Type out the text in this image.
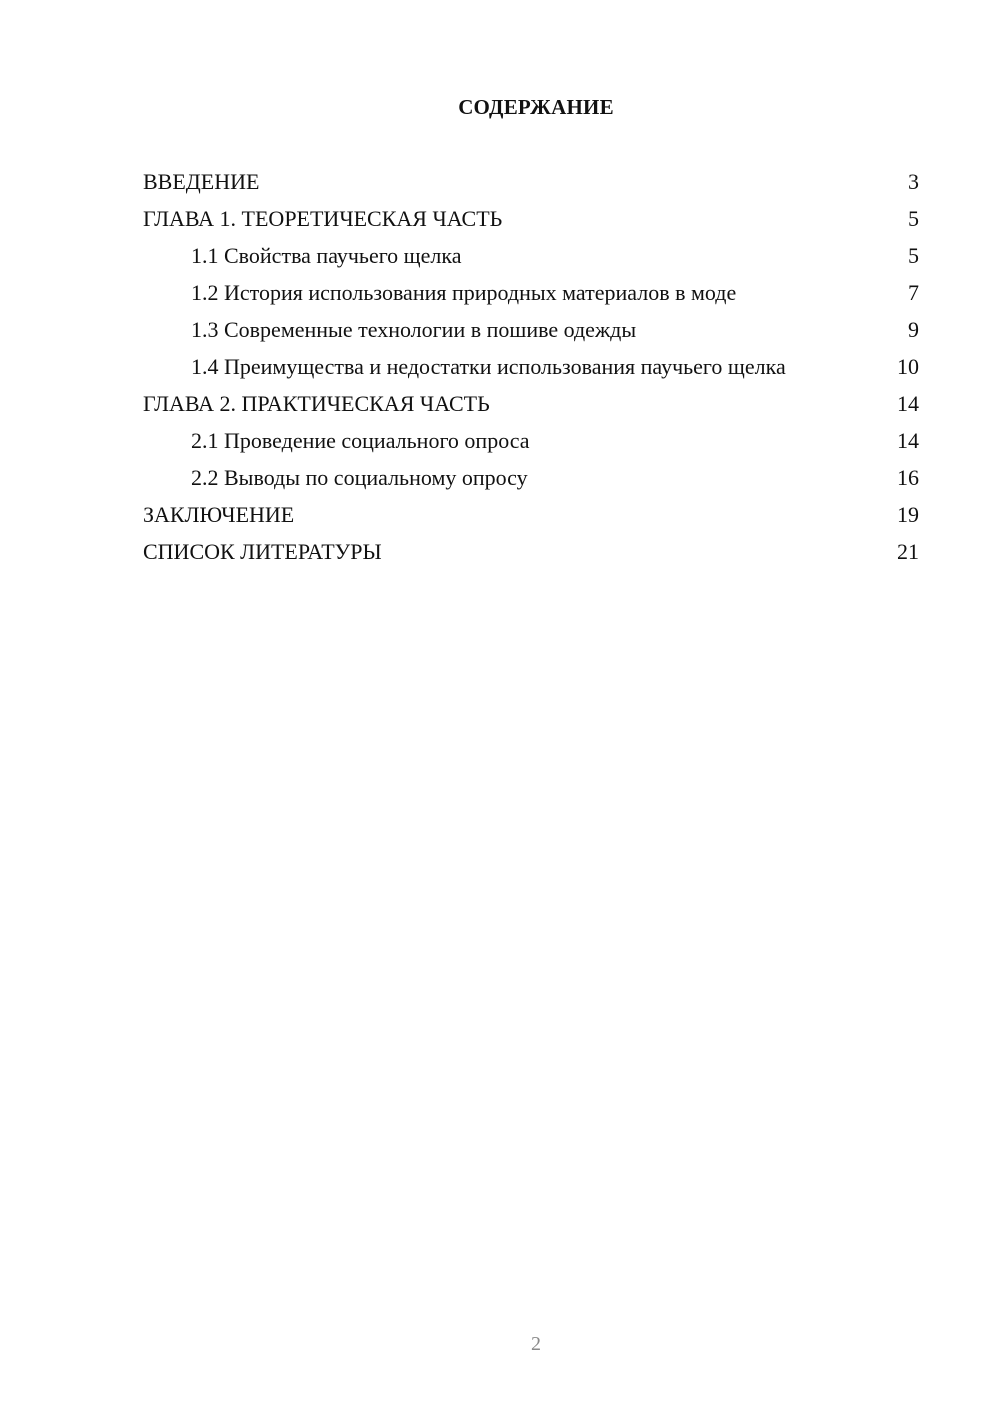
СОДЕРЖАНИЕ
ВВЕДЕНИЕ	3
ГЛАВА 1. ТЕОРЕТИЧЕСКАЯ ЧАСТЬ	5
1.1 Свойства паучьего щелка	5
1.2 История использования природных материалов в моде	7
1.3 Современные технологии в пошиве одежды	9
1.4 Преимущества и недостатки использования паучьего щелка	10
ГЛАВА 2. ПРАКТИЧЕСКАЯ ЧАСТЬ	14
2.1 Проведение социального опроса	14
2.2 Выводы по социальному опросу	16
ЗАКЛЮЧЕНИЕ	19
СПИСОК ЛИТЕРАТУРЫ	21
2
